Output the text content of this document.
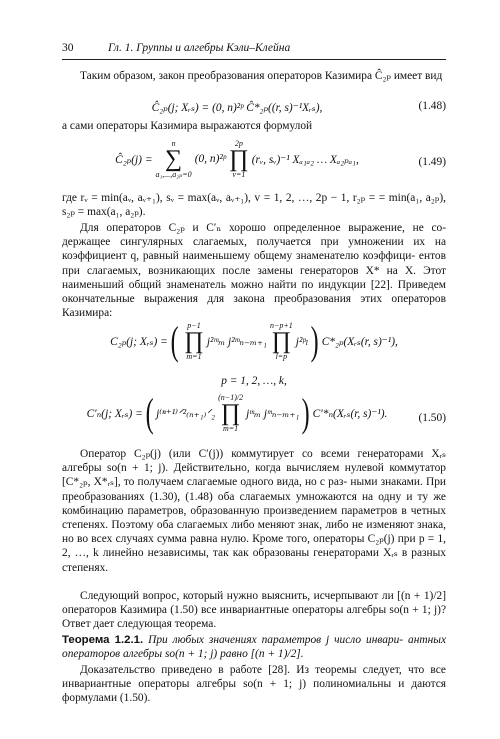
30	Гл. 1. Группы и алгебры Кэли–Клейна

Таким образом, закон преобразования операторов Казимира Ĉ₂ₚ имеет вид

Ĉ₂ₚ(j; Xᵣₛ) = (0, n)²ᵖ Ĉ*₂ₚ((r, s)⁻¹Xᵣₛ),	(1.48)

а сами операторы Казимира выражаются формулой

Ĉ₂ₚ(j) =
n
∑
a₁,...,a₂ₚ=0
(0, n)²ᵖ
2p
∏
v=1
(rᵥ, sᵥ)⁻¹ Xₐ₁ₐ₂ … Xₐ₂ₚₐ₁,	(1.49)

где rᵥ = min(aᵥ, aᵥ₊₁), sᵥ = max(aᵥ, aᵥ₊₁), v = 1, 2, …, 2p − 1, r₂ₚ = = min(a₁, a₂ₚ), s₂ₚ = max(a₁, a₂ₚ).

Для операторов C₂ₚ и C′ₙ хорошо определенное выражение, не со- держащее сингулярных слагаемых, получается при умножении их на коэффициент q, равный наименьшему общему знаменателю коэффици- ентов при слагаемых, возникающих после замены генераторов X* на X. Этот наименьший общий знаменатель можно найти по индукции [22]. Приведем окончательные выражения для закона преобразования этих операторов Казимира:

C₂ₚ(j; Xᵣₛ) = ( p−1
∏
m=1
j²ᵐₘ j²ᵐₙ₋ₘ₊₁
n−p+1
∏
l=p
j²ᵖₗ ) C*₂ₚ(Xᵣₛ(r, s)⁻¹),
p = 1, 2, …, k,
C′ₙ(j; Xᵣₛ) = ( j⁽ⁿ⁺¹⁾ᐟ²₍ₙ₊₁₎ᐟ₂
(n−1)/2
∏
m=1
jᵐₘ jᵐₙ₋ₘ₊₁ ) C′*ₙ(Xᵣₛ(r, s)⁻¹).	(1.50)

Оператор C₂ₚ(j) (или C′(j)) коммутирует со всеми генераторами Xᵣₛ алгебры so(n + 1; j). Действительно, когда вычисляем нулевой коммутатор [C*₂ₚ, X*ᵣₛ], то получаем слагаемые одного вида, но с раз- ными знаками. При преобразованиях (1.30), (1.48) оба слагаемых умножаются на одну и ту же комбинацию параметров, образованную произведением параметров в четных степенях. Поэтому оба слагаемых либо меняют знак, либо не изменяют знака, но во всех случаях сумма равна нулю. Кроме того, операторы C₂ₚ(j) при p = 1, 2, …, k линейно независимы, так как образованы генераторами Xᵣₛ в разных степенях.

Следующий вопрос, который нужно выяснить, исчерпывают ли [(n + 1)/2] операторов Казимира (1.50) все инвариантные операторы алгебры so(n + 1; j)? Ответ дает следующая теорема.

Теорема 1.2.1. При любых значениях параметров j число инвари- антных операторов алгебры so(n + 1; j) равно [(n + 1)/2].

Доказательство приведено в работе [28]. Из теоремы следует, что все инвариантные операторы алгебры so(n + 1; j) полиномиальны и даются формулами (1.50).
